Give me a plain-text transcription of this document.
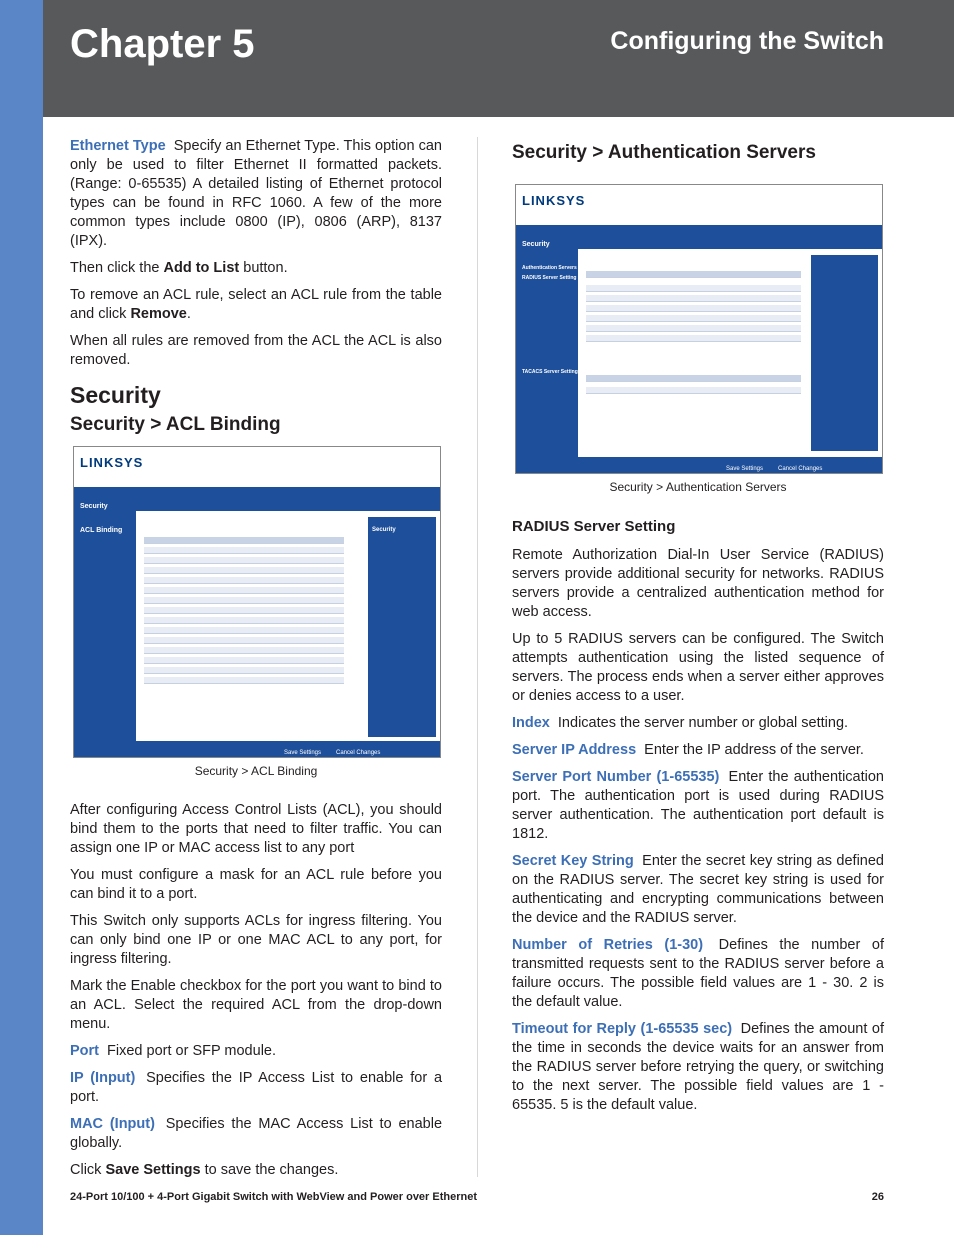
Chapter 5	Configuring the Switch

Ethernet Type Specify an Ethernet Type. This option can only be used to filter Ethernet II formatted packets. (Range: 0-65535) A detailed listing of Ethernet protocol types can be found in RFC 1060. A few of the more common types include 0800 (IP), 0806 (ARP), 8137 (IPX).

Then click the Add to List button.

To remove an ACL rule, select an ACL rule from the table and click Remove.

When all rules are removed from the ACL the ACL is also removed.

Security
Security > ACL Binding
LINKSYS
Security
ACL Binding	Security
Save Settings Cancel Changes
Security > ACL Binding

After configuring Access Control Lists (ACL), you should bind them to the ports that need to filter traffic. You can assign one IP or MAC access list to any port

You must configure a mask for an ACL rule before you can bind it to a port.

This Switch only supports ACLs for ingress filtering. You can only bind one IP or one MAC ACL to any port, for ingress filtering.

Mark the Enable checkbox for the port you want to bind to an ACL. Select the required ACL from the drop-down menu.

Port Fixed port or SFP module.

IP (Input) Specifies the IP Access List to enable for a port.

MAC (Input) Specifies the MAC Access List to enable globally.

Click Save Settings to save the changes.

Security > Authentication Servers
LINKSYS
Security
Authentication Servers
RADIUS Server Setting
TACACS Server Setting
Save Settings Cancel Changes
Security > Authentication Servers
RADIUS Server Setting

Remote Authorization Dial-In User Service (RADIUS) servers provide additional security for networks. RADIUS servers provide a centralized authentication method for web access.

Up to 5 RADIUS servers can be configured. The Switch attempts authentication using the listed sequence of servers. The process ends when a server either approves or denies access to a user.

Index Indicates the server number or global setting.

Server IP Address Enter the IP address of the server.

Server Port Number (1-65535) Enter the authentication port. The authentication port is used during RADIUS server authentication. The authentication port default is 1812.

Secret Key String Enter the secret key string as defined on the RADIUS server. The secret key string is used for authenticating and encrypting communications between the device and the RADIUS server.

Number of Retries (1-30) Defines the number of transmitted requests sent to the RADIUS server before a failure occurs. The possible field values are 1 - 30. 2 is the default value.

Timeout for Reply (1-65535 sec) Defines the amount of the time in seconds the device waits for an answer from the RADIUS server before retrying the query, or switching to the next server. The possible field values are 1 - 65535. 5 is the default value.

24-Port 10/100 + 4-Port Gigabit Switch with WebView and Power over Ethernet	26
